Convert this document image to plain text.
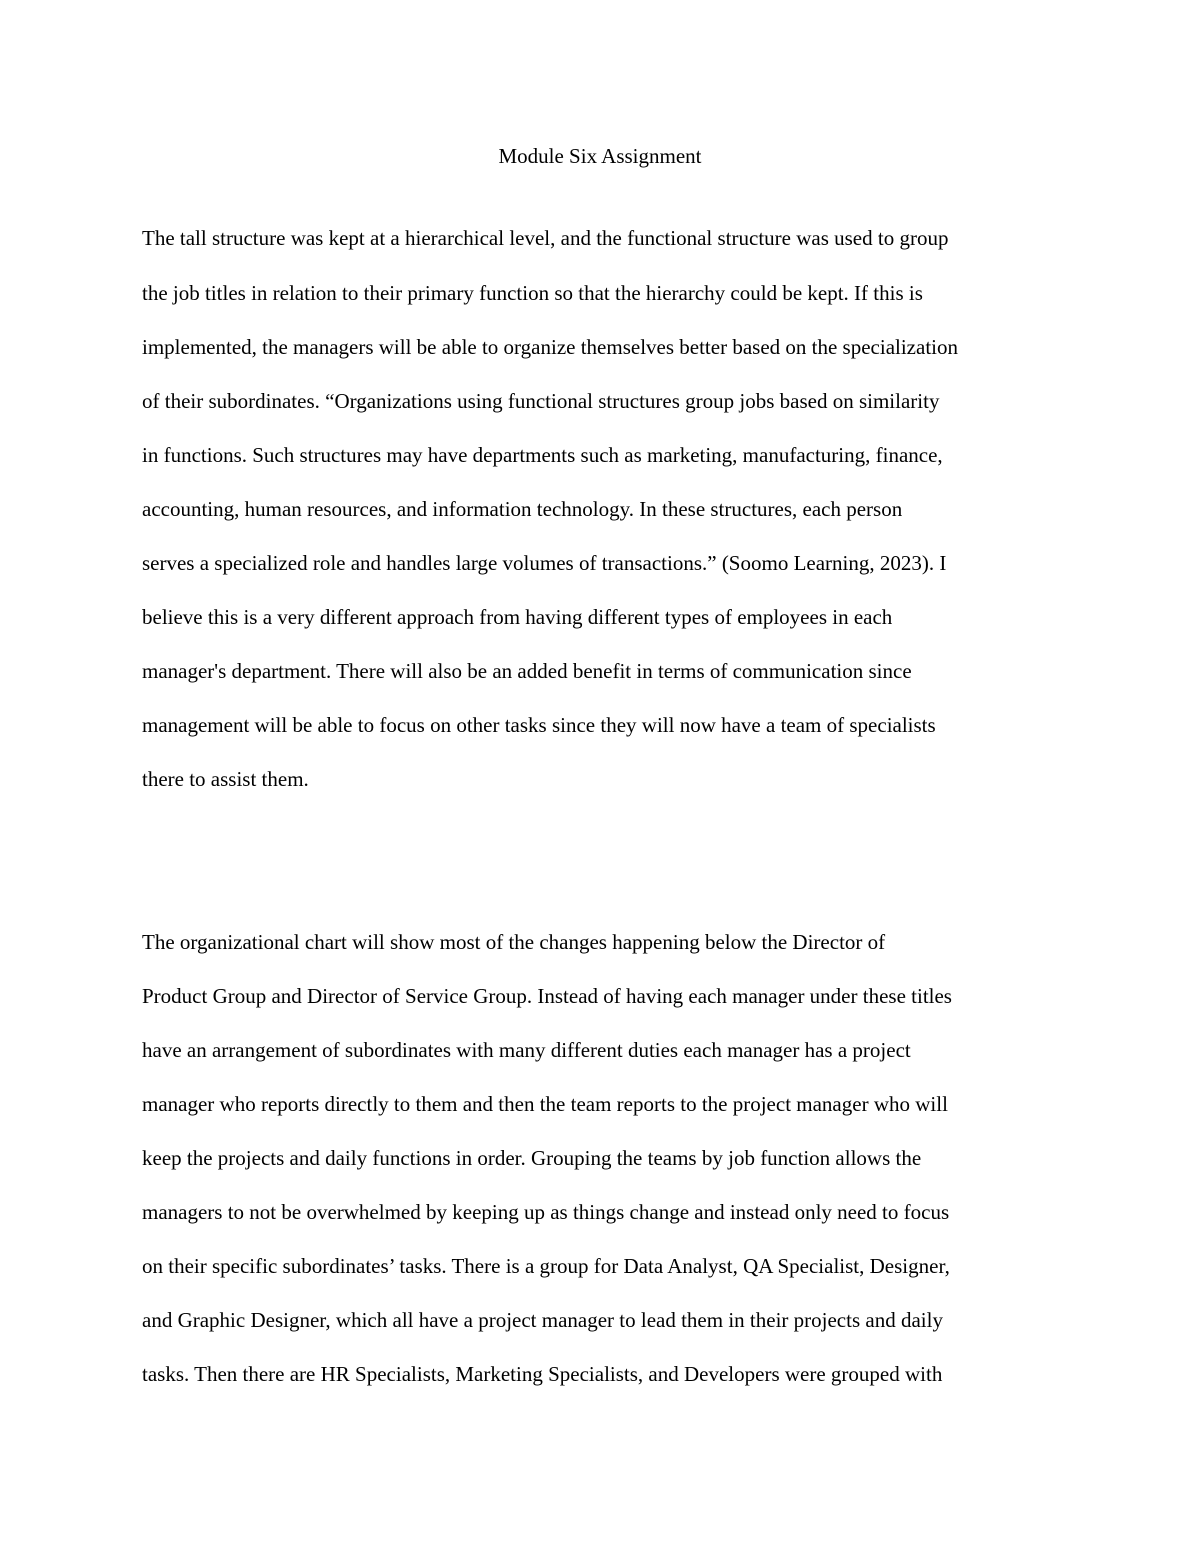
Module Six Assignment
The tall structure was kept at a hierarchical level, and the functional structure was used to group
the job titles in relation to their primary function so that the hierarchy could be kept. If this is
implemented, the managers will be able to organize themselves better based on the specialization
of their subordinates. “Organizations using functional structures group jobs based on similarity
in functions. Such structures may have departments such as marketing, manufacturing, finance,
accounting, human resources, and information technology. In these structures, each person
serves a specialized role and handles large volumes of transactions.” (Soomo Learning, 2023). I
believe this is a very different approach from having different types of employees in each
manager's department. There will also be an added benefit in terms of communication since
management will be able to focus on other tasks since they will now have a team of specialists
there to assist them.
The organizational chart will show most of the changes happening below the Director of
Product Group and Director of Service Group. Instead of having each manager under these titles
have an arrangement of subordinates with many different duties each manager has a project
manager who reports directly to them and then the team reports to the project manager who will
keep the projects and daily functions in order. Grouping the teams by job function allows the
managers to not be overwhelmed by keeping up as things change and instead only need to focus
on their specific subordinates’ tasks. There is a group for Data Analyst, QA Specialist, Designer,
and Graphic Designer, which all have a project manager to lead them in their projects and daily
tasks. Then there are HR Specialists, Marketing Specialists, and Developers were grouped with
